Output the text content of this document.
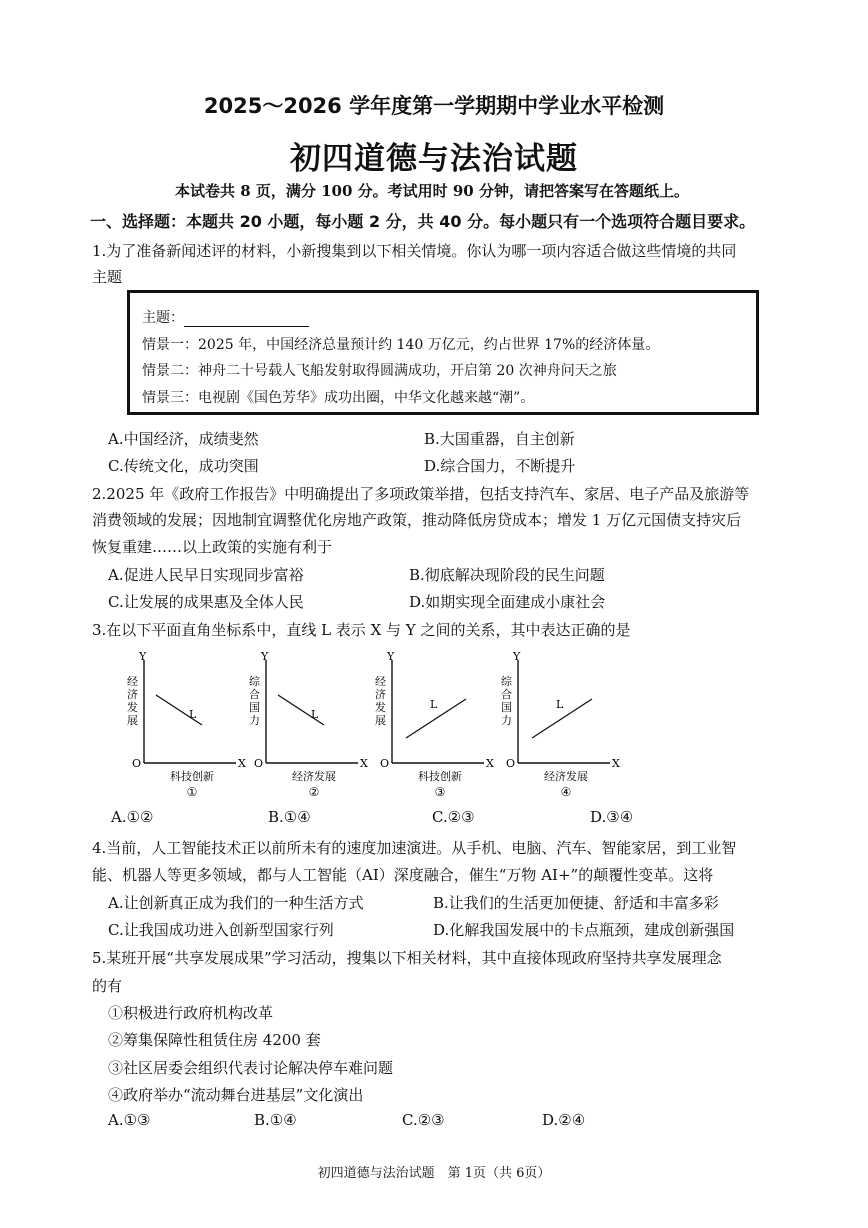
2025～2026 学年度第一学期期中学业水平检测
初四道德与法治试题
本试卷共 8 页，满分 100 分。考试用时 90 分钟，请把答案写在答题纸上。
一、选择题：本题共 20 小题，每小题 2 分，共 40 分。每小题只有一个选项符合题目要求。
1.为了准备新闻述评的材料，小新搜集到以下相关情境。你认为哪一项内容适合做这些情境的共同
主题
主题：
情景一：2025 年，中国经济总量预计约 140 万亿元，约占世界 17%的经济体量。
情景二：神舟二十号载人飞船发射取得圆满成功，开启第 20 次神舟问天之旅
情景三：电视剧《国色芳华》成功出圈，中华文化越来越“潮”。
A.中国经济，成绩斐然	B.大国重器，自主创新
C.传统文化，成功突围	D.综合国力，不断提升
2.2025 年《政府工作报告》中明确提出了多项政策举措，包括支持汽车、家居、电子产品及旅游等
消费领域的发展；因地制宜调整优化房地产政策，推动降低房贷成本；增发 1 万亿元国债支持灾后
恢复重建……以上政策的实施有利于
A.促进人民早日实现同步富裕	B.彻底解决现阶段的民生问题
C.让发展的成果惠及全体人民	D.如期实现全面建成小康社会
3.在以下平面直角坐标系中，直线 L 表示 X 与 Y 之间的关系，其中表达正确的是
Y
X
O
经
济
发
展
科技创新
①
L
Y
X
O
综
合
国
力
经济发展
②
L
Y
X
O
经
济
发
展
科技创新
③
L
Y
X
O
综
合
国
力
经济发展
④
L
A.①②	B.①④	C.②③	D.③④
4.当前，人工智能技术正以前所未有的速度加速演进。从手机、电脑、汽车、智能家居，到工业智
能、机器人等更多领域，都与人工智能（AI）深度融合，催生“万物 AI+”的颠覆性变革。这将
A.让创新真正成为我们的一种生活方式	B.让我们的生活更加便捷、舒适和丰富多彩
C.让我国成功进入创新型国家行列	D.化解我国发展中的卡点瓶颈，建成创新强国
5.某班开展“共享发展成果”学习活动，搜集以下相关材料，其中直接体现政府坚持共享发展理念
的有
①积极进行政府机构改革
②筹集保障性租赁住房 4200 套
③社区居委会组织代表讨论解决停车难问题
④政府举办“流动舞台进基层”文化演出
A.①③	B.①④	C.②③	D.②④
初四道德与法治试题　第 1页（共 6页）
